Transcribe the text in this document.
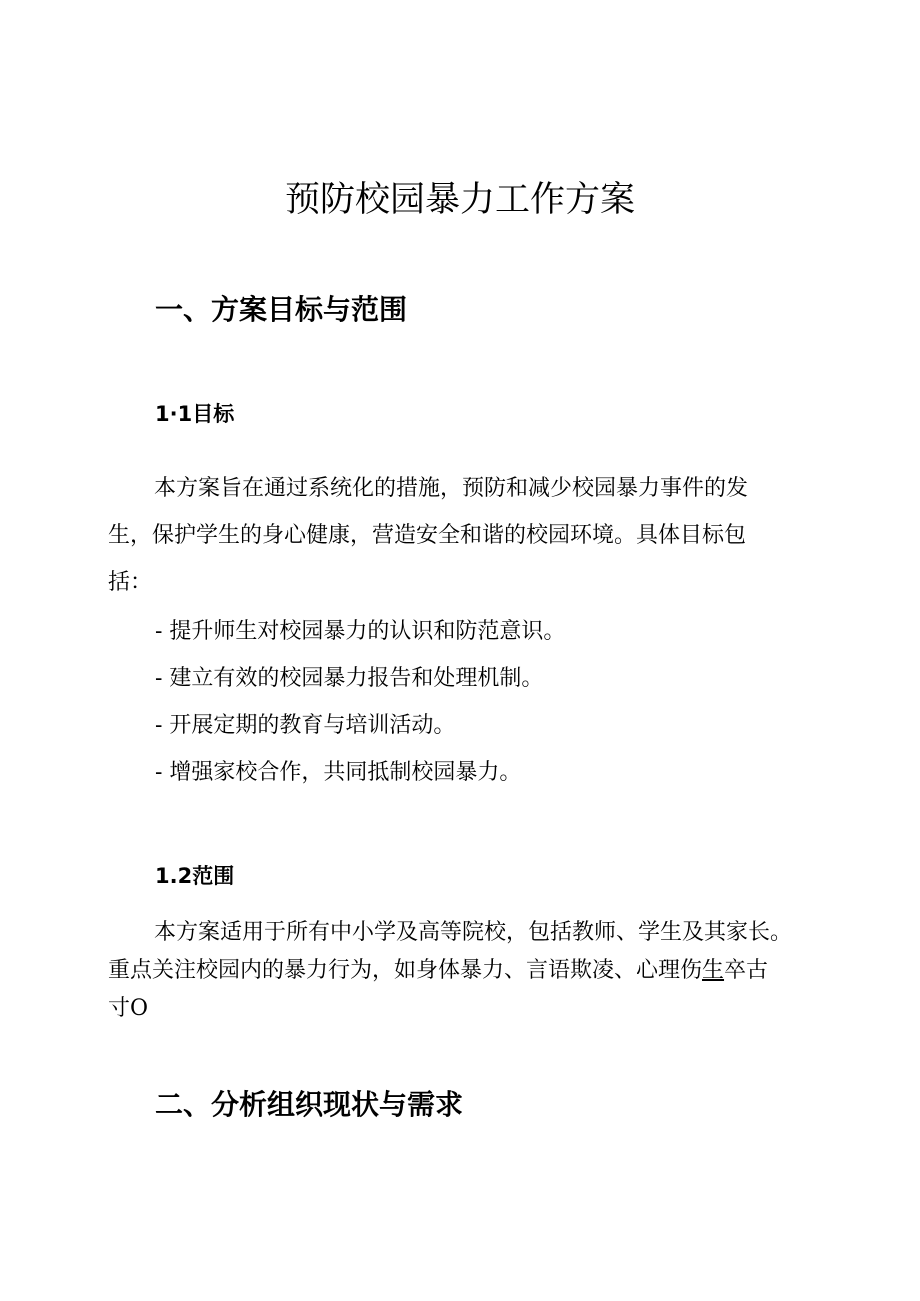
预防校园暴力工作方案
一、方案目标与范围
1·1目标
本方案旨在通过系统化的措施，预防和减少校园暴力事件的发
生，保护学生的身心健康，营造安全和谐的校园环境。具体目标包
括：

- 提升师生对校园暴力的认识和防范意识。

- 建立有效的校园暴力报告和处理机制。

- 开展定期的教育与培训活动。

- 增强家校合作，共同抵制校园暴力。

1.2范围
本方案适用于所有中小学及高等院校，包括教师、学生及其家长。
重点关注校园内的暴力行为，如身体暴力、言语欺凌、心理伤生卒古
寸O
二、分析组织现状与需求
